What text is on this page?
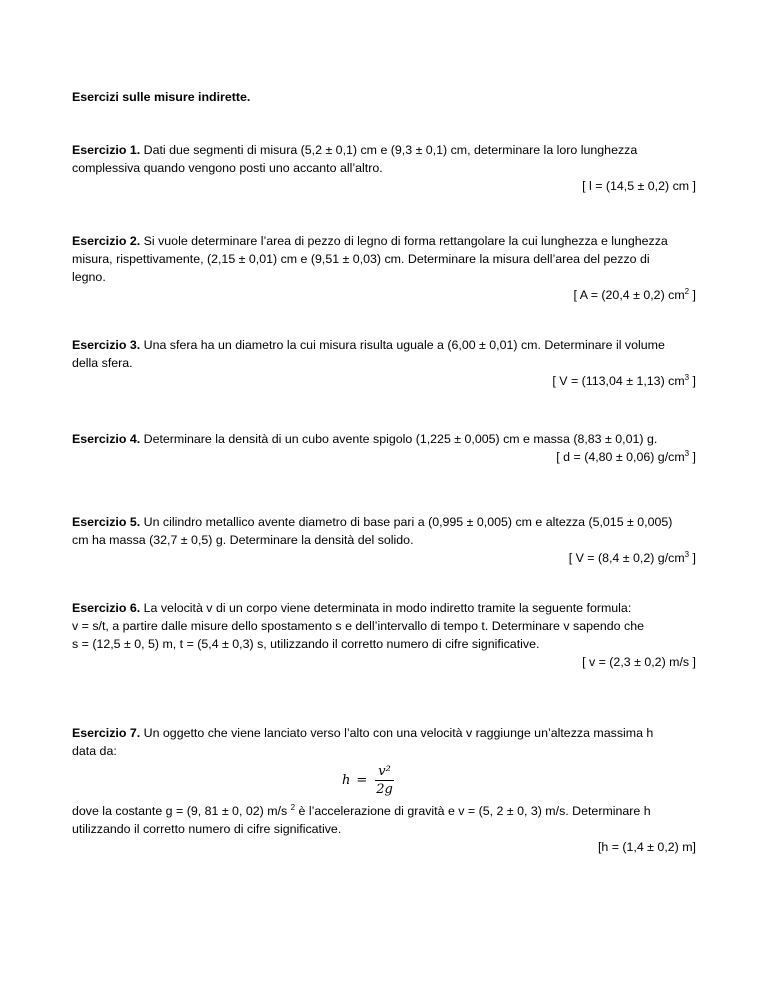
Esercizi sulle misure indirette.
Esercizio 1. Dati due segmenti di misura (5,2 ± 0,1) cm e (9,3 ± 0,1) cm, determinare la loro lunghezza
complessiva quando vengono posti uno accanto all’altro.
[ l = (14,5 ± 0,2) cm ]
Esercizio 2. Si vuole determinare l’area di pezzo di legno di forma rettangolare la cui lunghezza e lunghezza
misura, rispettivamente, (2,15 ± 0,01) cm e (9,51 ± 0,03) cm. Determinare la misura dell’area del pezzo di
legno.
[ A = (20,4 ± 0,2) $cm^2$ ]
Esercizio 3. Una sfera ha un diametro la cui misura risulta uguale a (6,00 ± 0,01) cm. Determinare il volume
della sfera.
[ V = (113,04 ± 1,13) $cm^3$ ]
Esercizio 4. Determinare la densità di un cubo avente spigolo (1,225 ± 0,005) cm e massa (8,83 ± 0,01) g.
[ d = (4,80 ± 0,06) $g/cm^3$ ]
Esercizio 5. Un cilindro metallico avente diametro di base pari a (0,995 ± 0,005) cm e altezza (5,015 ± 0,005)
cm ha massa (32,7 ± 0,5) g. Determinare la densità del solido.
[ V = (8,4 ± 0,2) $g/cm^3$ ]
Esercizio 6. La velocità v di un corpo viene determinata in modo indiretto tramite la seguente formula:
v = s/t, a partire dalle misure dello spostamento s e dell’intervallo di tempo t. Determinare v sapendo che
s = (12,5 ± 0, 5) m, t = (5,4 ± 0,3) s, utilizzando il corretto numero di cifre significative.
[ v = (2,3 ± 0,2) m/s ]
Esercizio 7. Un oggetto che viene lanciato verso l’alto con una velocità v raggiunge un’altezza massima h
data da:
$h = \frac{\text{v²}}{2g}$
dove la costante g = (9, 81 ± 0, 02) m/s $^2$ è l’accelerazione di gravità e v = (5, 2 ± 0, 3) m/s. Determinare h
utilizzando il corretto numero di cifre significative.
[h = (1,4 ± 0,2) m]
